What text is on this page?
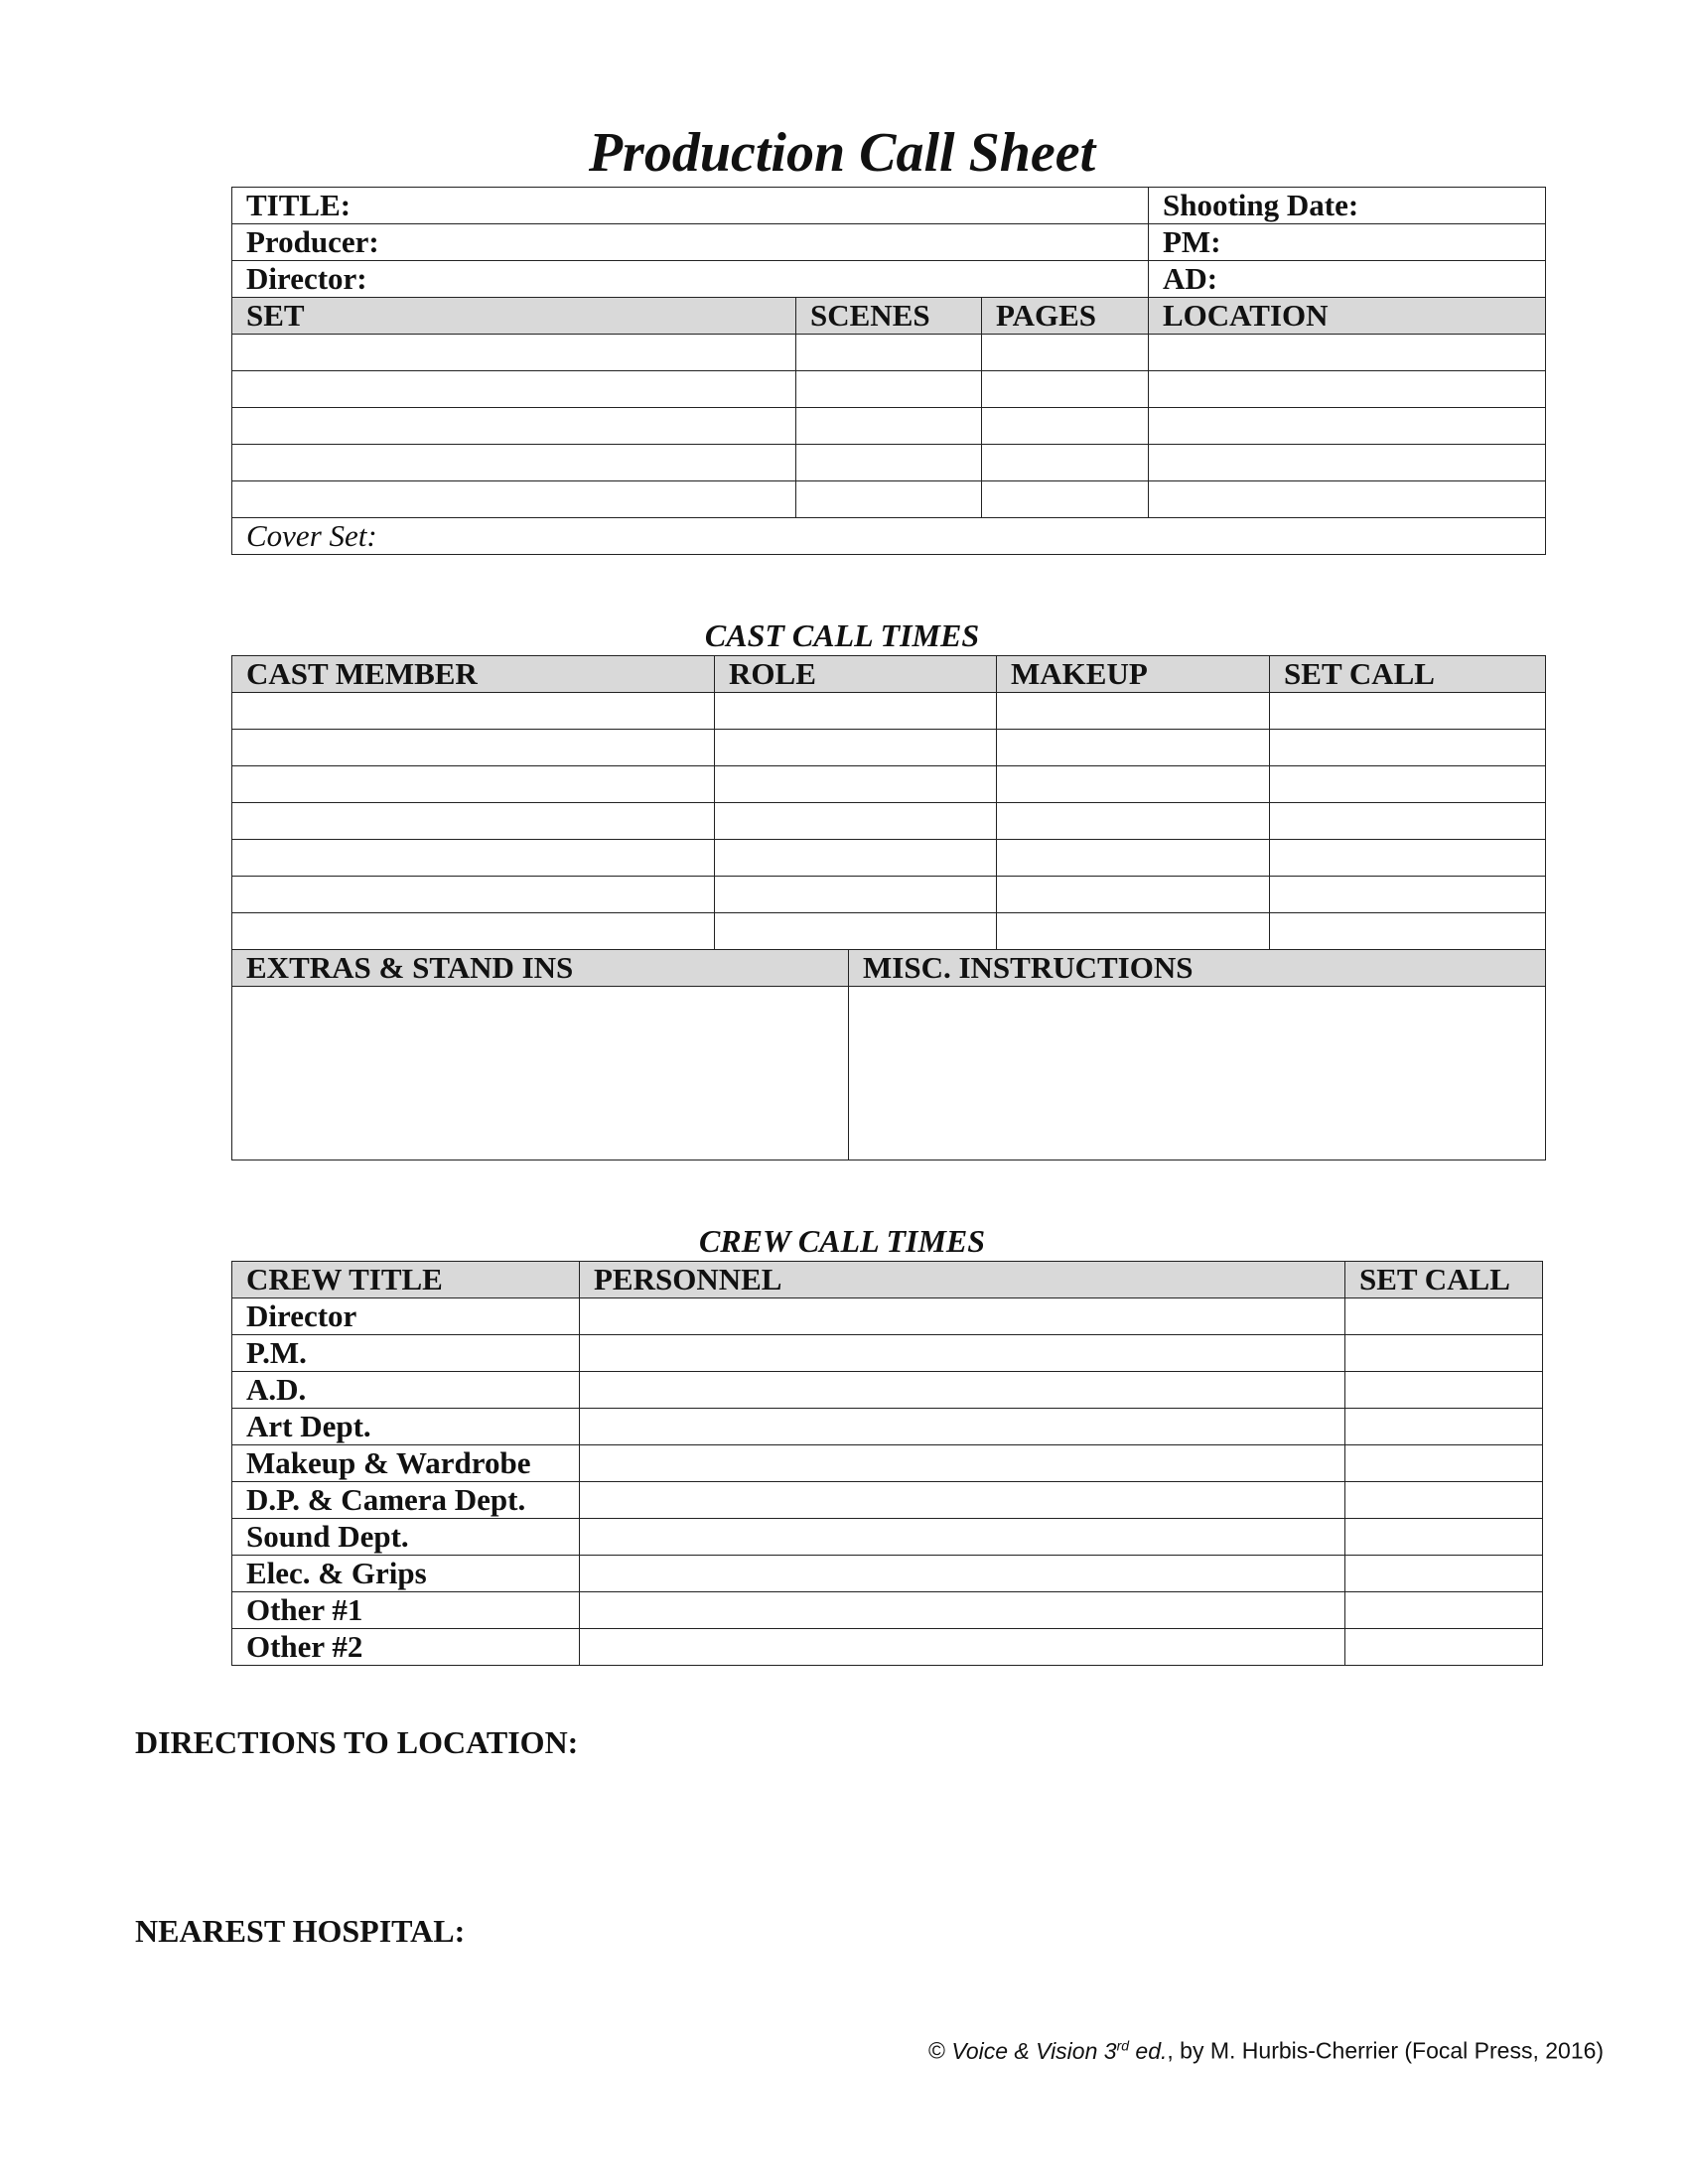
Production Call Sheet
TITLE:			Shooting Date:
Producer:			PM:
Director:			AD:
SET	SCENES	PAGES	LOCATION

Cover Set:			
CAST CALL TIMES
CAST MEMBER	ROLE		MAKEUP	SET CALL

EXTRAS & STAND INS		MISC. INSTRUCTIONS		

CREW CALL TIMES
CREW TITLE	PERSONNEL	SET CALL
Director		
P.M.		
A.D.		
Art Dept.		
Makeup & Wardrobe		
D.P. & Camera Dept.		
Sound Dept.		
Elec. & Grips		
Other #1		
Other #2		
DIRECTIONS TO LOCATION:
NEAREST HOSPITAL:
© Voice & Vision 3rd ed., by M. Hurbis-Cherrier (Focal Press, 2016)
